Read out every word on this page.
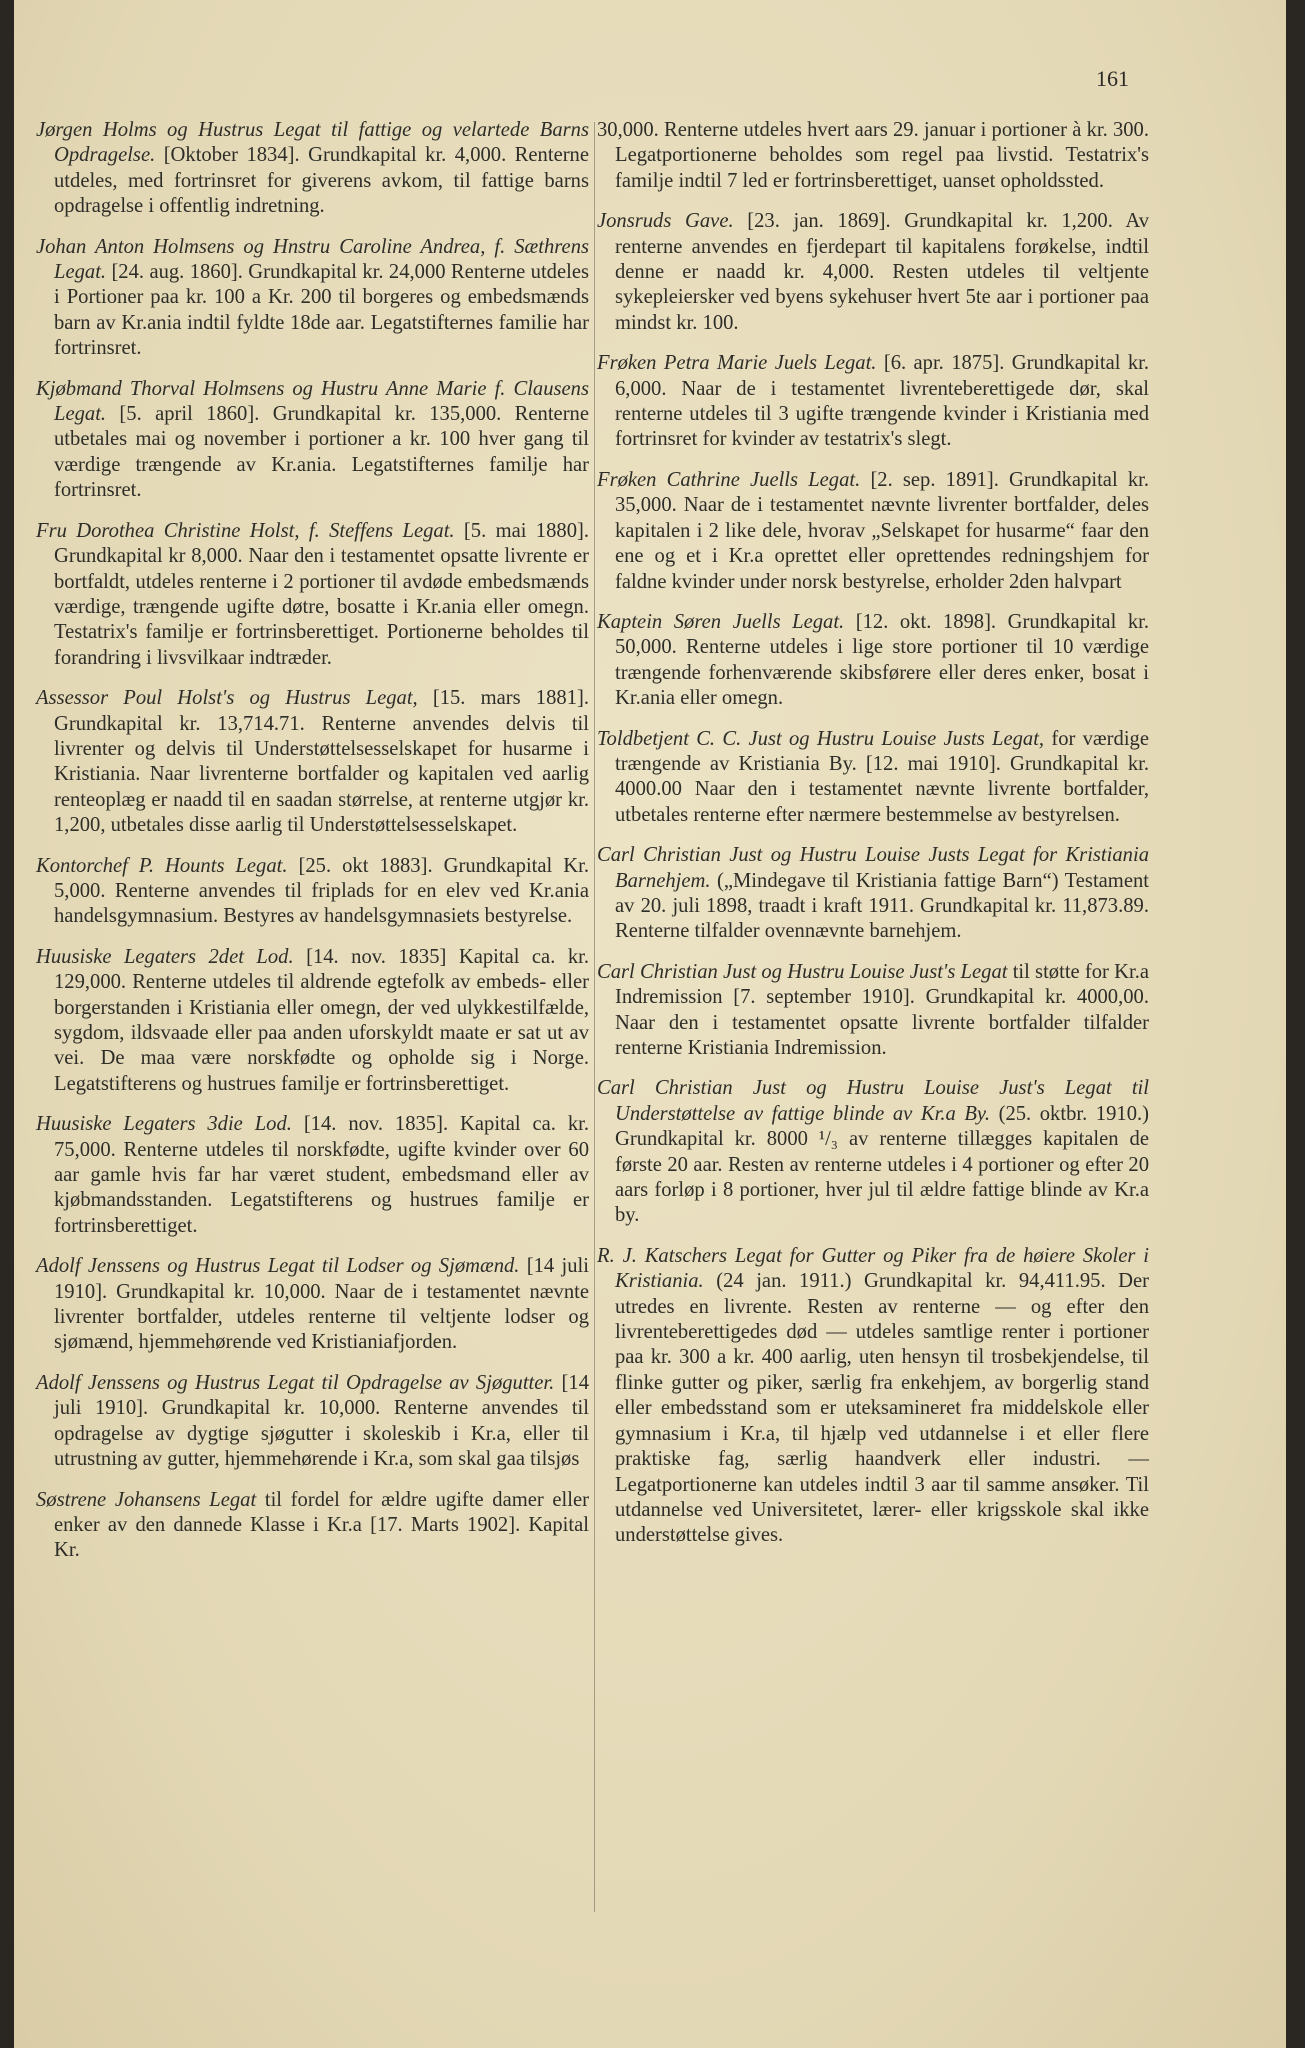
161

Jørgen Holms og Hustrus Legat til fattige og velartede Barns Opdragelse. [Oktober 1834]. Grundkapital kr. 4,000. Renterne utdeles, med fortrinsret for giverens avkom, til fattige barns opdragelse i offentlig indretning.

Johan Anton Holmsens og Hnstru Caroline Andrea, f. Sæthrens Legat. [24. aug. 1860]. Grundkapital kr. 24,000 Renterne utdeles i Portioner paa kr. 100 a Kr. 200 til borgeres og embedsmænds barn av Kr.ania indtil fyldte 18de aar. Legatstifternes familie har fortrinsret.

Kjøbmand Thorval Holmsens og Hustru Anne Marie f. Clausens Legat. [5. april 1860]. Grundkapital kr. 135,000. Renterne utbetales mai og november i portioner a kr. 100 hver gang til værdige trængende av Kr.ania. Legatstifternes familje har fortrinsret.

Fru Dorothea Christine Holst, f. Steffens Legat. [5. mai 1880]. Grundkapital kr 8,000. Naar den i testamentet opsatte livrente er bortfaldt, utdeles renterne i 2 portioner til avdøde embedsmænds værdige, trængende ugifte døtre, bosatte i Kr.ania eller omegn. Testatrix's familje er fortrinsberettiget. Portionerne beholdes til forandring i livsvilkaar indtræder.

Assessor Poul Holst's og Hustrus Legat, [15. mars 1881]. Grundkapital kr. 13,714.71. Renterne anvendes delvis til livrenter og delvis til Understøttelsesselskapet for husarme i Kristiania. Naar livrenterne bortfalder og kapitalen ved aarlig renteoplæg er naadd til en saadan størrelse, at renterne utgjør kr. 1,200, utbetales disse aarlig til Understøttelsesselskapet.

Kontorchef P. Hounts Legat. [25. okt 1883]. Grundkapital Kr. 5,000. Renterne anvendes til friplads for en elev ved Kr.ania handelsgymnasium. Bestyres av handelsgymnasiets bestyrelse.

Huusiske Legaters 2det Lod. [14. nov. 1835] Kapital ca. kr. 129,000. Renterne utdeles til aldrende egtefolk av embeds- eller borgerstanden i Kristiania eller omegn, der ved ulykkestilfælde, sygdom, ildsvaade eller paa anden uforskyldt maate er sat ut av vei. De maa være norskfødte og opholde sig i Norge. Legatstifterens og hustrues familje er fortrinsberettiget.

Huusiske Legaters 3die Lod. [14. nov. 1835]. Kapital ca. kr. 75,000. Renterne utdeles til norskfødte, ugifte kvinder over 60 aar gamle hvis far har været student, embedsmand eller av kjøbmandsstanden. Legatstifterens og hustrues familje er fortrinsberettiget.

Adolf Jenssens og Hustrus Legat til Lodser og Sjømænd. [14 juli 1910]. Grundkapital kr. 10,000. Naar de i testamentet nævnte livrenter bortfalder, utdeles renterne til veltjente lodser og sjømænd, hjemmehørende ved Kristianiafjorden.

Adolf Jenssens og Hustrus Legat til Opdragelse av Sjøgutter. [14 juli 1910]. Grundkapital kr. 10,000. Renterne anvendes til opdragelse av dygtige sjøgutter i skoleskib i Kr.a, eller til utrustning av gutter, hjemmehørende i Kr.a, som skal gaa tilsjøs

Søstrene Johansens Legat til fordel for ældre ugifte damer eller enker av den dannede Klasse i Kr.a [17. Marts 1902]. Kapital Kr.

30,000. Renterne utdeles hvert aars 29. januar i portioner à kr. 300. Legatportionerne beholdes som regel paa livstid. Testatrix's familje indtil 7 led er fortrinsberettiget, uanset opholdssted.

Jonsruds Gave. [23. jan. 1869]. Grundkapital kr. 1,200. Av renterne anvendes en fjerdepart til kapitalens forøkelse, indtil denne er naadd kr. 4,000. Resten utdeles til veltjente sykepleiersker ved byens sykehuser hvert 5te aar i portioner paa mindst kr. 100.

Frøken Petra Marie Juels Legat. [6. apr. 1875]. Grundkapital kr. 6,000. Naar de i testamentet livrenteberettigede dør, skal renterne utdeles til 3 ugifte trængende kvinder i Kristiania med fortrinsret for kvinder av testatrix's slegt.

Frøken Cathrine Juells Legat. [2. sep. 1891]. Grundkapital kr. 35,000. Naar de i testamentet nævnte livrenter bortfalder, deles kapitalen i 2 like dele, hvorav „Selskapet for husarme“ faar den ene og et i Kr.a oprettet eller oprettendes redningshjem for faldne kvinder under norsk bestyrelse, erholder 2den halvpart

Kaptein Søren Juells Legat. [12. okt. 1898]. Grundkapital kr. 50,000. Renterne utdeles i lige store portioner til 10 værdige trængende forhenværende skibsførere eller deres enker, bosat i Kr.ania eller omegn.

Toldbetjent C. C. Just og Hustru Louise Justs Legat, for værdige trængende av Kristiania By. [12. mai 1910]. Grundkapital kr. 4000.00 Naar den i testamentet nævnte livrente bortfalder, utbetales renterne efter nærmere bestemmelse av bestyrelsen.

Carl Christian Just og Hustru Louise Justs Legat for Kristiania Barnehjem. („Mindegave til Kristiania fattige Barn“) Testament av 20. juli 1898, traadt i kraft 1911. Grundkapital kr. 11,873.89. Renterne tilfalder ovennævnte barnehjem.

Carl Christian Just og Hustru Louise Just's Legat til støtte for Kr.a Indremission [7. september 1910]. Grundkapital kr. 4000,00. Naar den i testamentet opsatte livrente bortfalder tilfalder renterne Kristiania Indremission.

Carl Christian Just og Hustru Louise Just's Legat til Understøttelse av fattige blinde av Kr.a By. (25. oktbr. 1910.) Grundkapital kr. 8000 ¹/₃ av renterne tillægges kapitalen de første 20 aar. Resten av renterne utdeles i 4 portioner og efter 20 aars forløp i 8 portioner, hver jul til ældre fattige blinde av Kr.a by.

R. J. Katschers Legat for Gutter og Piker fra de høiere Skoler i Kristiania. (24 jan. 1911.) Grundkapital kr. 94,411.95. Der utredes en livrente. Resten av renterne — og efter den livrenteberettigedes død — utdeles samtlige renter i portioner paa kr. 300 a kr. 400 aarlig, uten hensyn til trosbekjendelse, til flinke gutter og piker, særlig fra enkehjem, av borgerlig stand eller embedsstand som er uteksamineret fra middelskole eller gymnasium i Kr.a, til hjælp ved utdannelse i et eller flere praktiske fag, særlig haandverk eller industri. — Legatportionerne kan utdeles indtil 3 aar til samme ansøker. Til utdannelse ved Universitetet, lærer- eller krigsskole skal ikke understøttelse gives.
